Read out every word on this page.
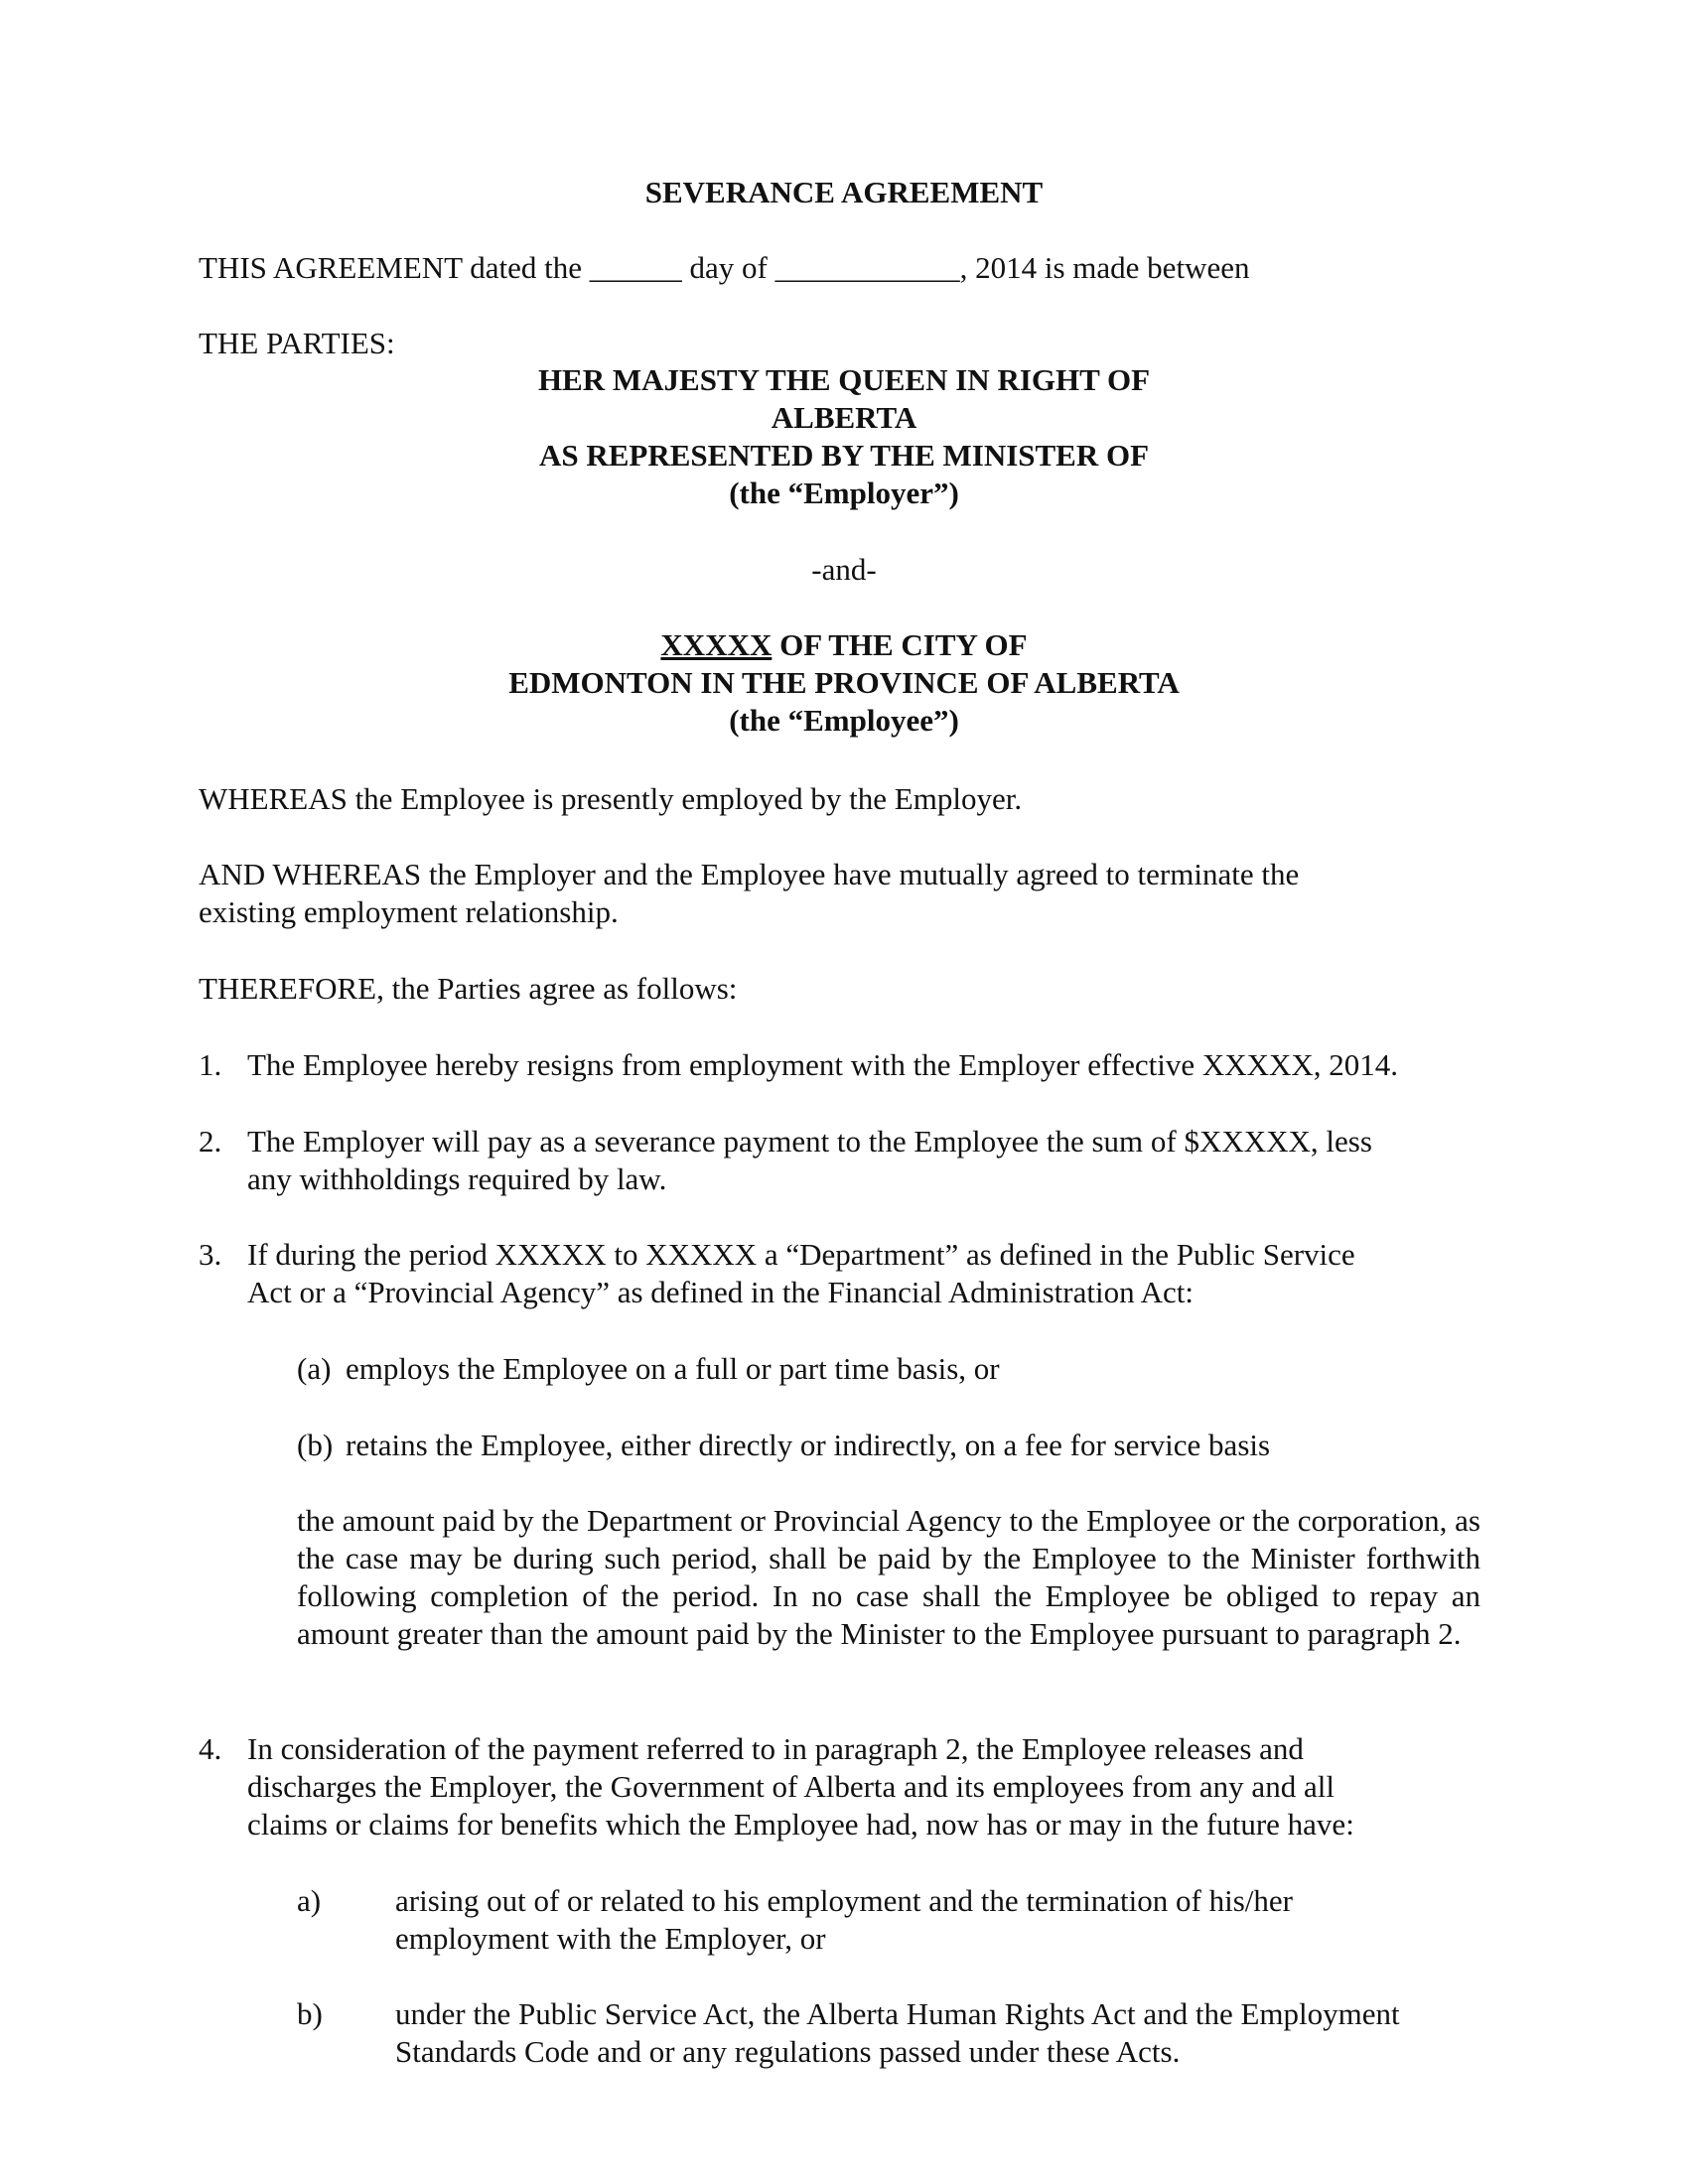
SEVERANCE AGREEMENT
THIS AGREEMENT dated the ______ day of ____________, 2014 is made between
THE PARTIES:
HER MAJESTY THE QUEEN IN RIGHT OF
ALBERTA
AS REPRESENTED BY THE MINISTER OF
(the “Employer”)
-and-
XXXXX OF THE CITY OF
EDMONTON IN THE PROVINCE OF ALBERTA
(the “Employee”)
WHEREAS the Employee is presently employed by the Employer.
AND WHEREAS the Employer and the Employee have mutually agreed to terminate the
existing employment relationship.
THEREFORE, the Parties agree as follows:
1. The Employee hereby resigns from employment with the Employer effective XXXXX, 2014.
2. The Employer will pay as a severance payment to the Employee the sum of $XXXXX, less
any withholdings required by law.
3. If during the period XXXXX to XXXXX a “Department” as defined in the Public Service
Act or a “Provincial Agency” as defined in the Financial Administration Act:
(a) employs the Employee on a full or part time basis, or
(b) retains the Employee, either directly or indirectly, on a fee for service basis
the amount paid by the Department or Provincial Agency to the Employee or the corporation, as the case may be during such period, shall be paid by the Employee to the Minister forthwith following completion of the period. In no case shall the Employee be obliged to repay an amount greater than the amount paid by the Minister to the Employee pursuant to paragraph 2.
4. In consideration of the payment referred to in paragraph 2, the Employee releases and
discharges the Employer, the Government of Alberta and its employees from any and all
claims or claims for benefits which the Employee had, now has or may in the future have:
a) arising out of or related to his employment and the termination of his/her
employment with the Employer, or
b) under the Public Service Act, the Alberta Human Rights Act and the Employment
Standards Code and or any regulations passed under these Acts.
